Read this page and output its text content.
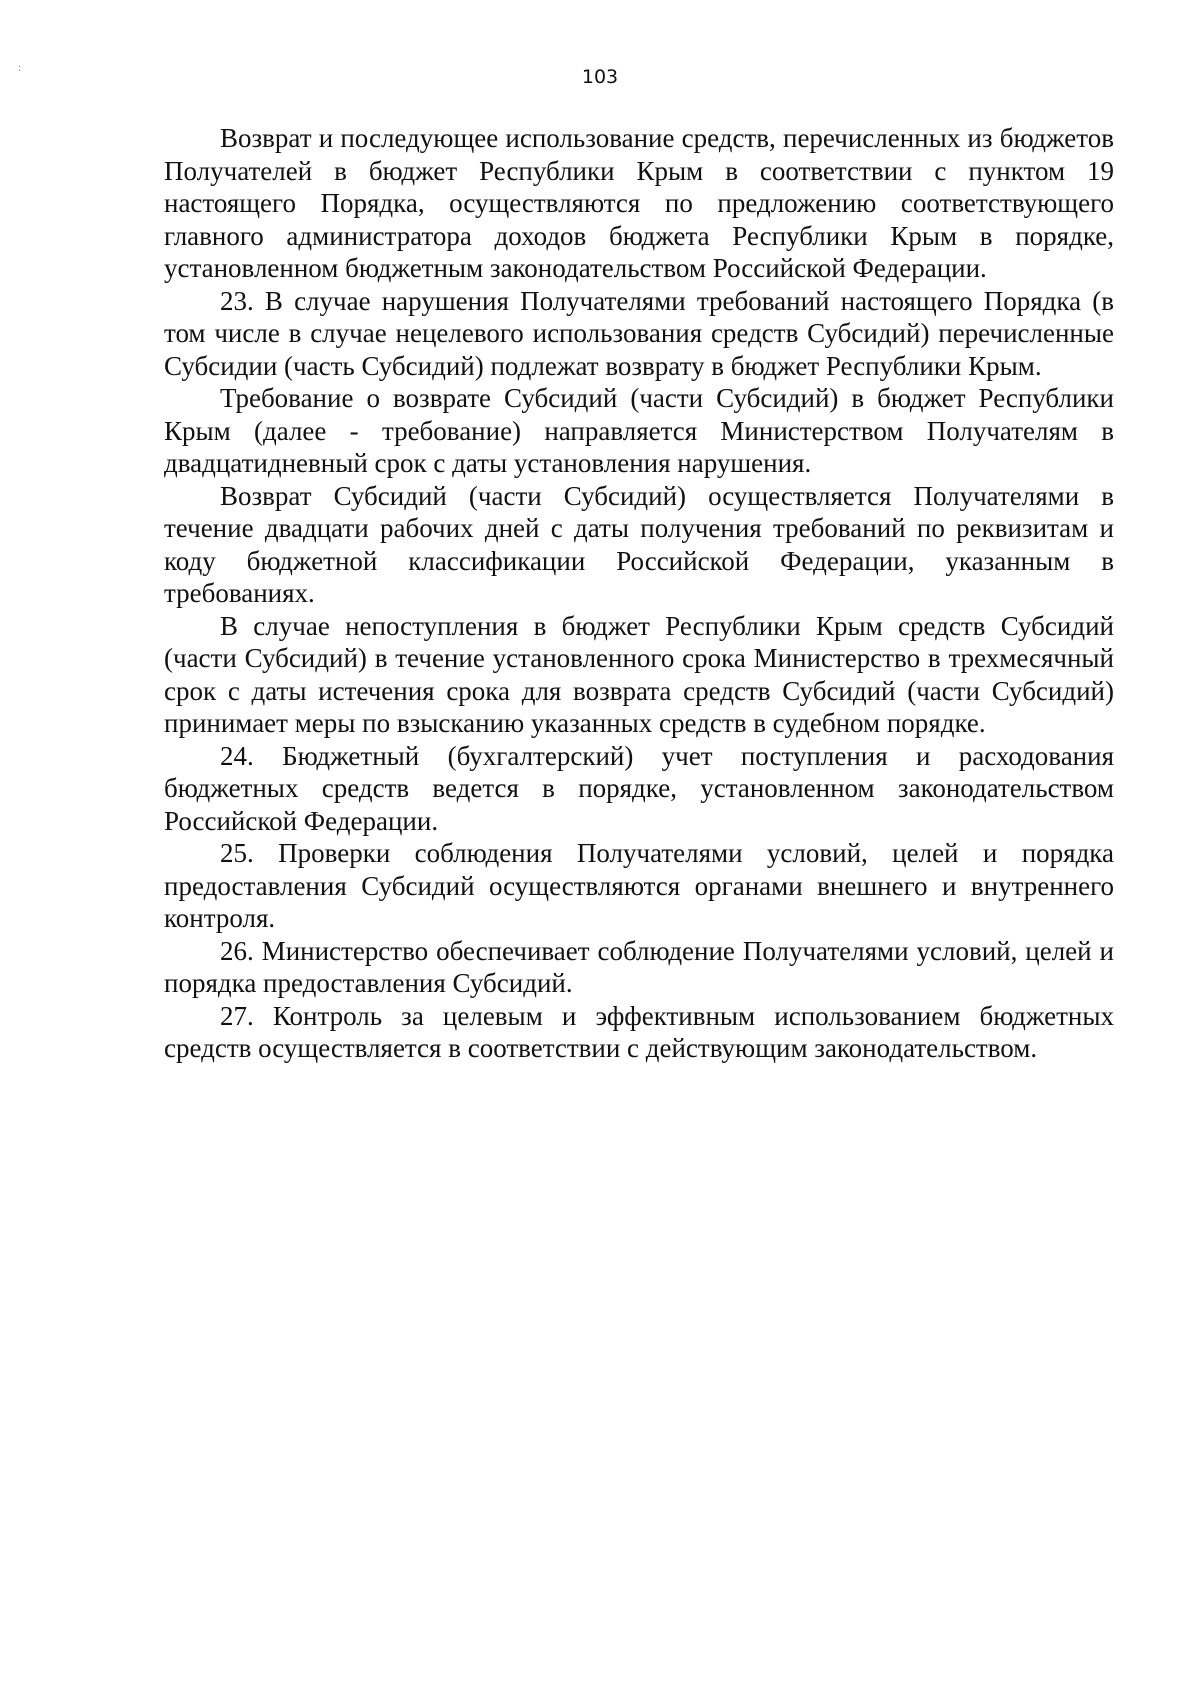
· ·	103

Возврат и последующее использование средств, перечисленных из бюджетов Получателей в бюджет Республики Крым в соответствии с пунктом 19 настоящего Порядка, осуществляются по предложению соответствующего главного администратора доходов бюджета Республики Крым в порядке, установленном бюджетным законодательством Российской Федерации.

23. В случае нарушения Получателями требований настоящего Порядка (в том числе в случае нецелевого использования средств Субсидий) перечисленные Субсидии (часть Субсидий) подлежат возврату в бюджет Республики Крым.

Требование о возврате Субсидий (части Субсидий) в бюджет Республики Крым (далее - требование) направляется Министерством Получателям в двадцатидневный срок с даты установления нарушения.

Возврат Субсидий (части Субсидий) осуществляется Получателями в течение двадцати рабочих дней с даты получения требований по реквизитам и коду бюджетной классификации Российской Федерации, указанным в требованиях.

В случае непоступления в бюджет Республики Крым средств Субсидий (части Субсидий) в течение установленного срока Министерство в трехмесячный срок с даты истечения срока для возврата средств Субсидий (части Субсидий) принимает меры по взысканию указанных средств в судебном порядке.

24. Бюджетный (бухгалтерский) учет поступления и расходования бюджетных средств ведется в порядке, установленном законодательством Российской Федерации.

25. Проверки соблюдения Получателями условий, целей и порядка предоставления Субсидий осуществляются органами внешнего и внутреннего контроля.

26. Министерство обеспечивает соблюдение Получателями условий, целей и порядка предоставления Субсидий.

27. Контроль за целевым и эффективным использованием бюджетных средств осуществляется в соответствии с действующим законодательством.
